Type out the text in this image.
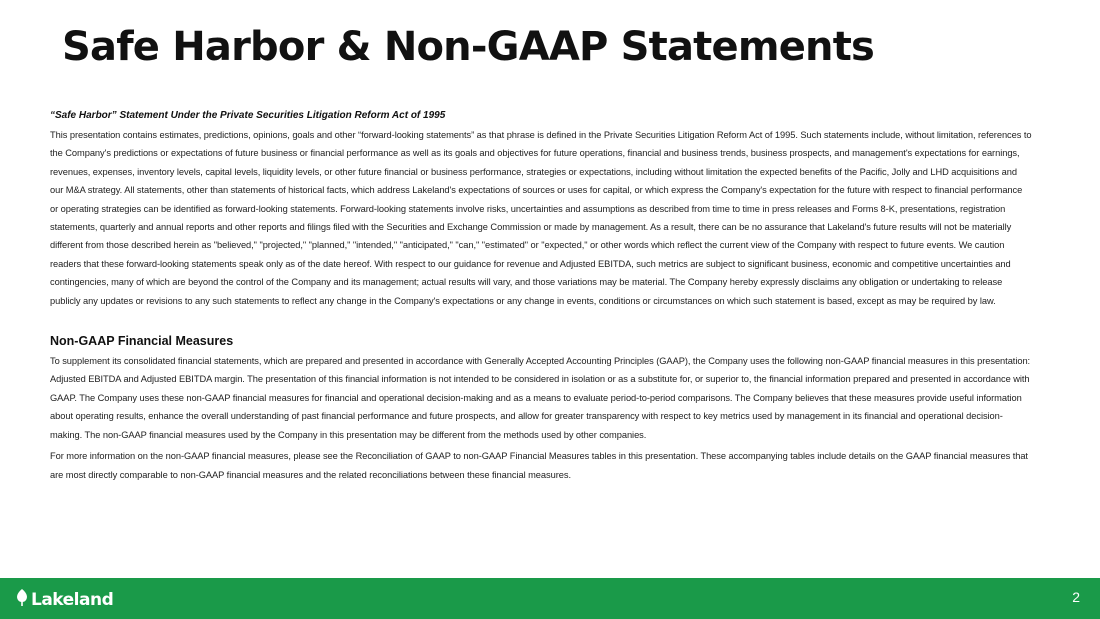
Safe Harbor & Non-GAAP Statements

“Safe Harbor” Statement Under the Private Securities Litigation Reform Act of 1995

This presentation contains estimates, predictions, opinions, goals and other “forward-looking statements” as that phrase is defined in the Private Securities Litigation Reform Act of 1995. Such statements include, without limitation, references to the Company's predictions or expectations of future business or financial performance as well as its goals and objectives for future operations, financial and business trends, business prospects, and management's expectations for earnings, revenues, expenses, inventory levels, capital levels, liquidity levels, or other future financial or business performance, strategies or expectations, including without limitation the expected benefits of the Pacific, Jolly and LHD acquisitions and our M&A strategy. All statements, other than statements of historical facts, which address Lakeland's expectations of sources or uses for capital, or which express the Company's expectation for the future with respect to financial performance or operating strategies can be identified as forward-looking statements. Forward-looking statements involve risks, uncertainties and assumptions as described from time to time in press releases and Forms 8-K, presentations, registration statements, quarterly and annual reports and other reports and filings filed with the Securities and Exchange Commission or made by management. As a result, there can be no assurance that Lakeland's future results will not be materially different from those described herein as "believed," "projected," "planned," "intended," "anticipated," "can," "estimated" or "expected," or other words which reflect the current view of the Company with respect to future events. We caution readers that these forward-looking statements speak only as of the date hereof. With respect to our guidance for revenue and Adjusted EBITDA, such metrics are subject to significant business, economic and competitive uncertainties and contingencies, many of which are beyond the control of the Company and its management; actual results will vary, and those variations may be material. The Company hereby expressly disclaims any obligation or undertaking to release publicly any updates or revisions to any such statements to reflect any change in the Company's expectations or any change in events, conditions or circumstances on which such statement is based, except as may be required by law.

Non-GAAP Financial Measures

To supplement its consolidated financial statements, which are prepared and presented in accordance with Generally Accepted Accounting Principles (GAAP), the Company uses the following non-GAAP financial measures in this presentation: Adjusted EBITDA and Adjusted EBITDA margin. The presentation of this financial information is not intended to be considered in isolation or as a substitute for, or superior to, the financial information prepared and presented in accordance with GAAP. The Company uses these non-GAAP financial measures for financial and operational decision-making and as a means to evaluate period-to-period comparisons. The Company believes that these measures provide useful information about operating results, enhance the overall understanding of past financial performance and future prospects, and allow for greater transparency with respect to key metrics used by management in its financial and operational decision-making. The non-GAAP financial measures used by the Company in this presentation may be different from the methods used by other companies.

For more information on the non-GAAP financial measures, please see the Reconciliation of GAAP to non-GAAP Financial Measures tables in this presentation. These accompanying tables include details on the GAAP financial measures that are most directly comparable to non-GAAP financial measures and the related reconciliations between these financial measures.

Lakeland	2
